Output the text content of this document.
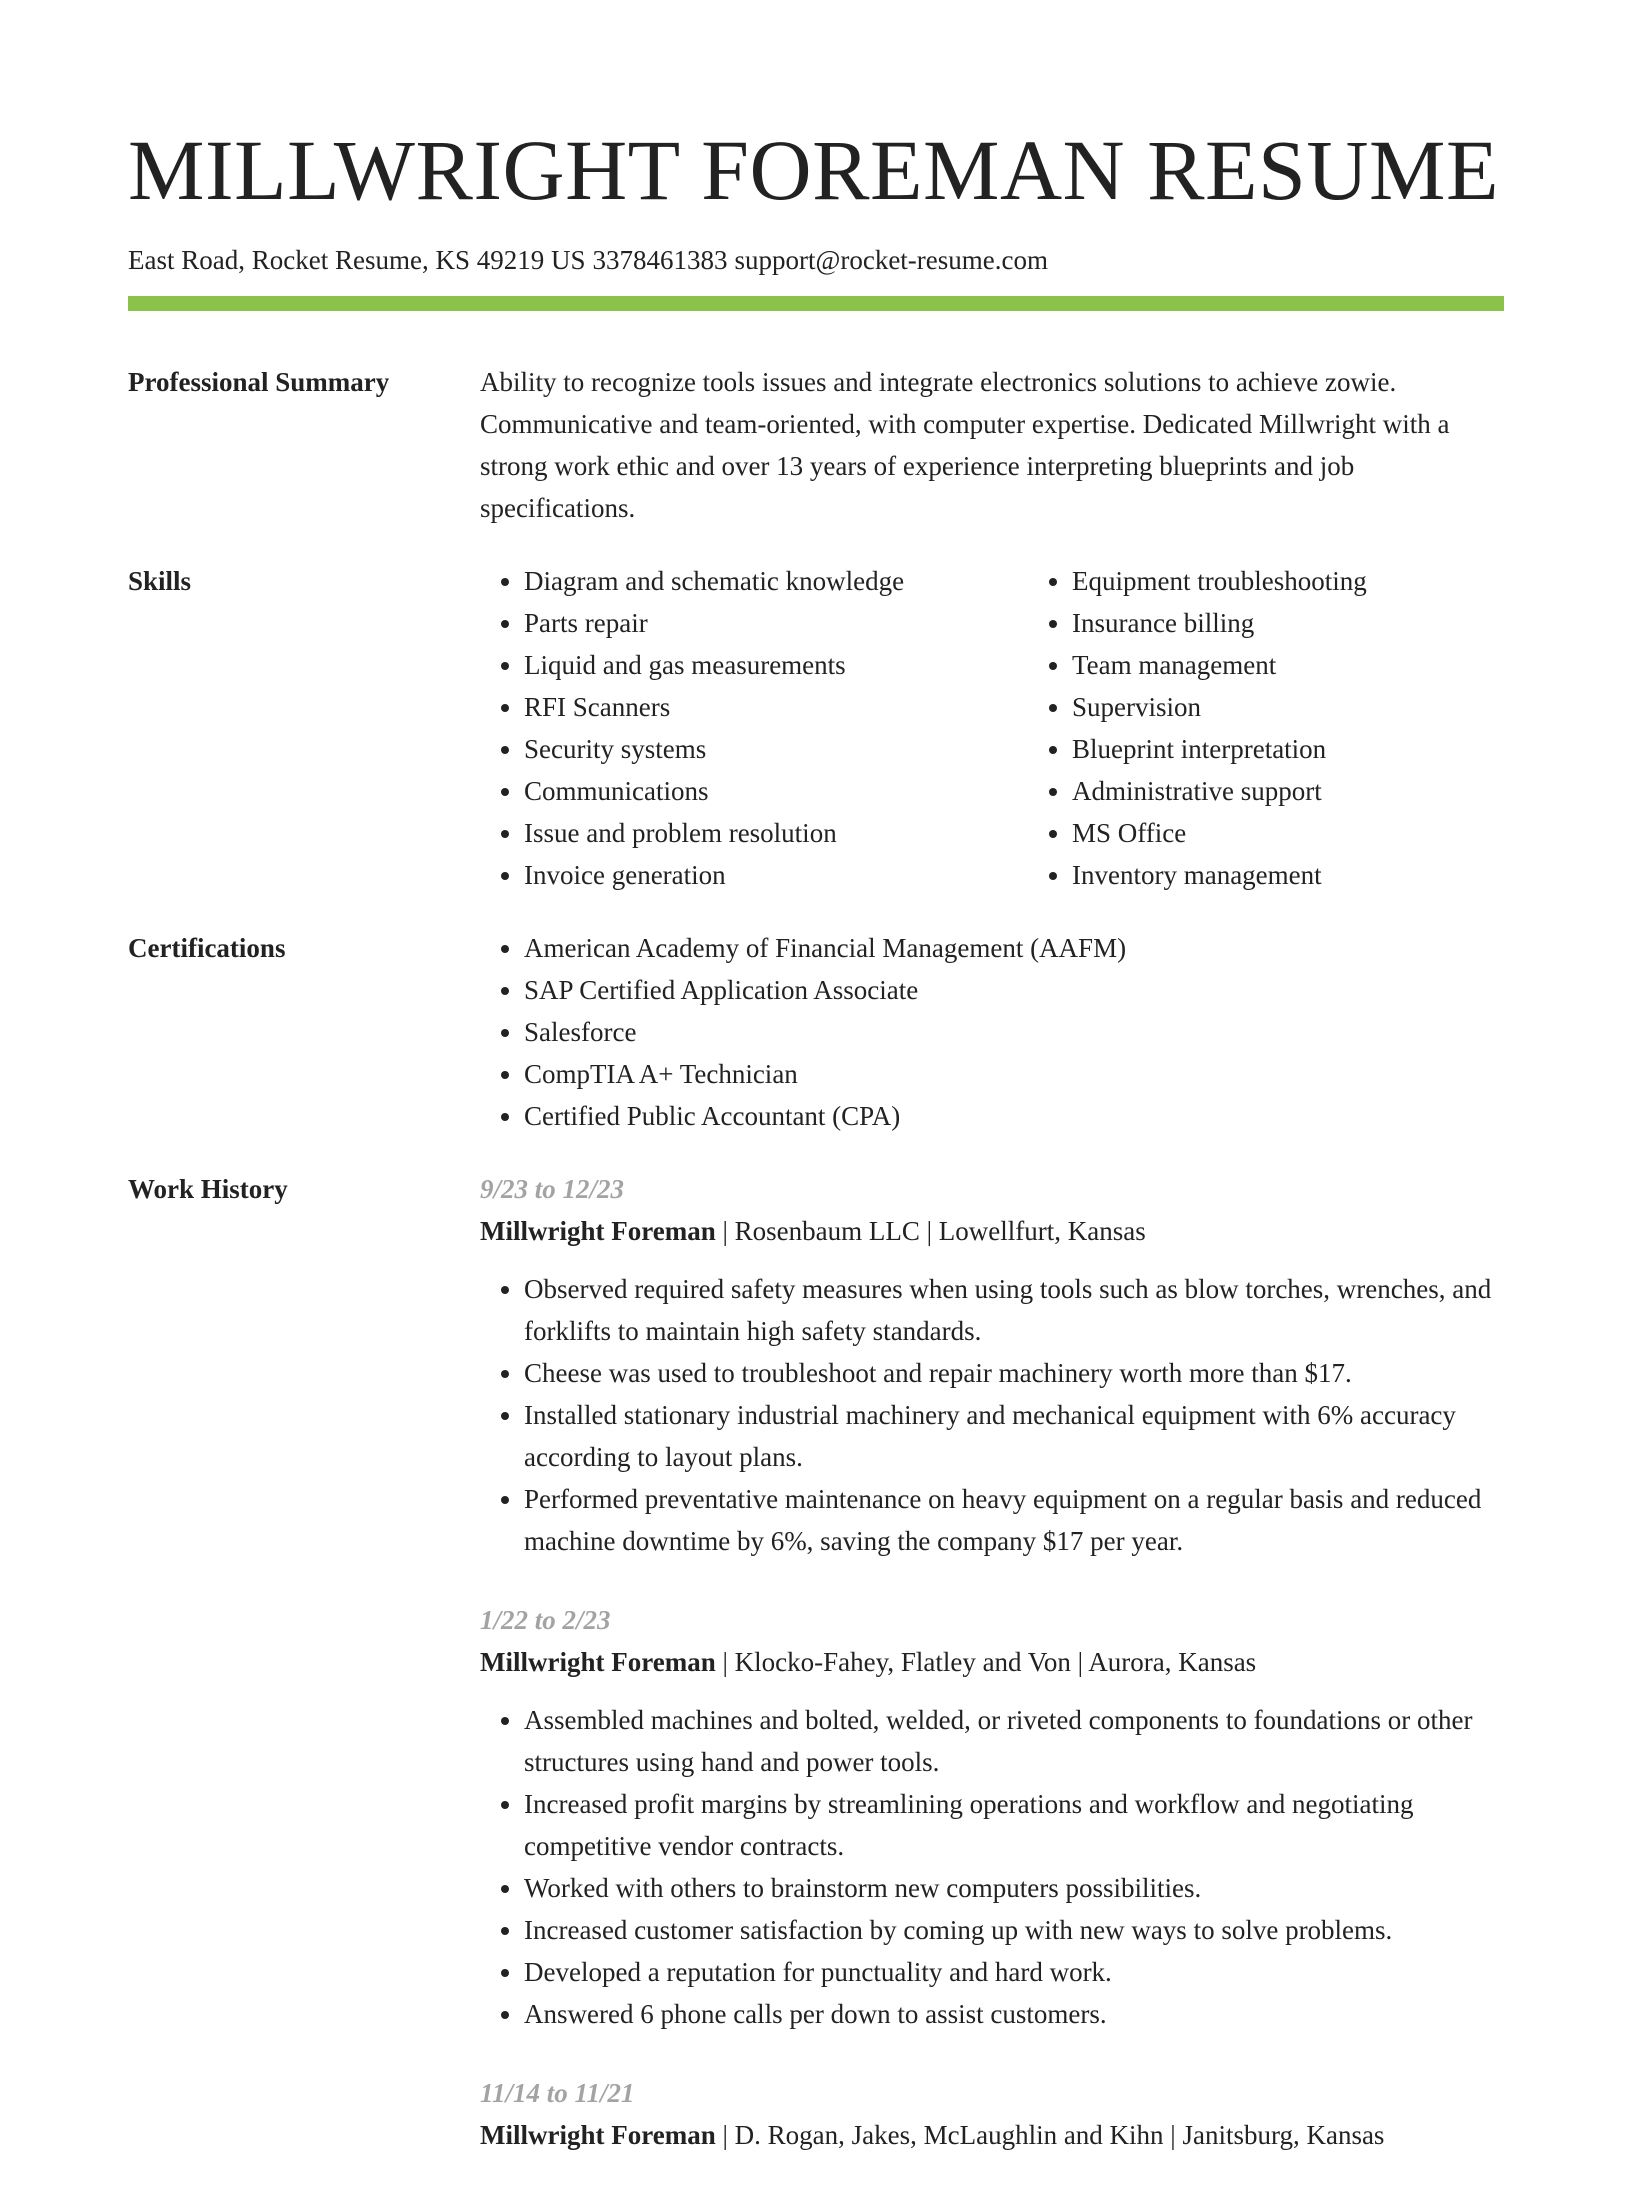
MILLWRIGHT FOREMAN RESUME
East Road, Rocket Resume, KS 49219 US 3378461383 support@rocket-resume.com
Professional Summary	Ability to recognize tools issues and integrate electronics solutions to achieve zowie. Communicative and team-oriented, with computer expertise. Dedicated Millwright with a strong work ethic and over 13 years of experience interpreting blueprints and job specifications.
Skills	• Diagram and schematic knowledge
• Parts repair
• Liquid and gas measurements
• RFI Scanners
• Security systems
• Communications
• Issue and problem resolution
• Invoice generation
• Equipment troubleshooting
• Insurance billing
• Team management
• Supervision
• Blueprint interpretation
• Administrative support
• MS Office
• Inventory management
Certifications	• American Academy of Financial Management (AAFM)
• SAP Certified Application Associate
• Salesforce
• CompTIA A+ Technician
• Certified Public Accountant (CPA)
Work History	9/23 to 12/23
Millwright Foreman | Rosenbaum LLC | Lowellfurt, Kansas
• Observed required safety measures when using tools such as blow torches, wrenches, and forklifts to maintain high safety standards.
• Cheese was used to troubleshoot and repair machinery worth more than $17.
• Installed stationary industrial machinery and mechanical equipment with 6% accuracy according to layout plans.
• Performed preventative maintenance on heavy equipment on a regular basis and reduced machine downtime by 6%, saving the company $17 per year.
1/22 to 2/23
Millwright Foreman | Klocko-Fahey, Flatley and Von | Aurora, Kansas
• Assembled machines and bolted, welded, or riveted components to foundations or other structures using hand and power tools.
• Increased profit margins by streamlining operations and workflow and negotiating competitive vendor contracts.
• Worked with others to brainstorm new computers possibilities.
• Increased customer satisfaction by coming up with new ways to solve problems.
• Developed a reputation for punctuality and hard work.
• Answered 6 phone calls per down to assist customers.
11/14 to 11/21
Millwright Foreman | D. Rogan, Jakes, McLaughlin and Kihn | Janitsburg, Kansas
